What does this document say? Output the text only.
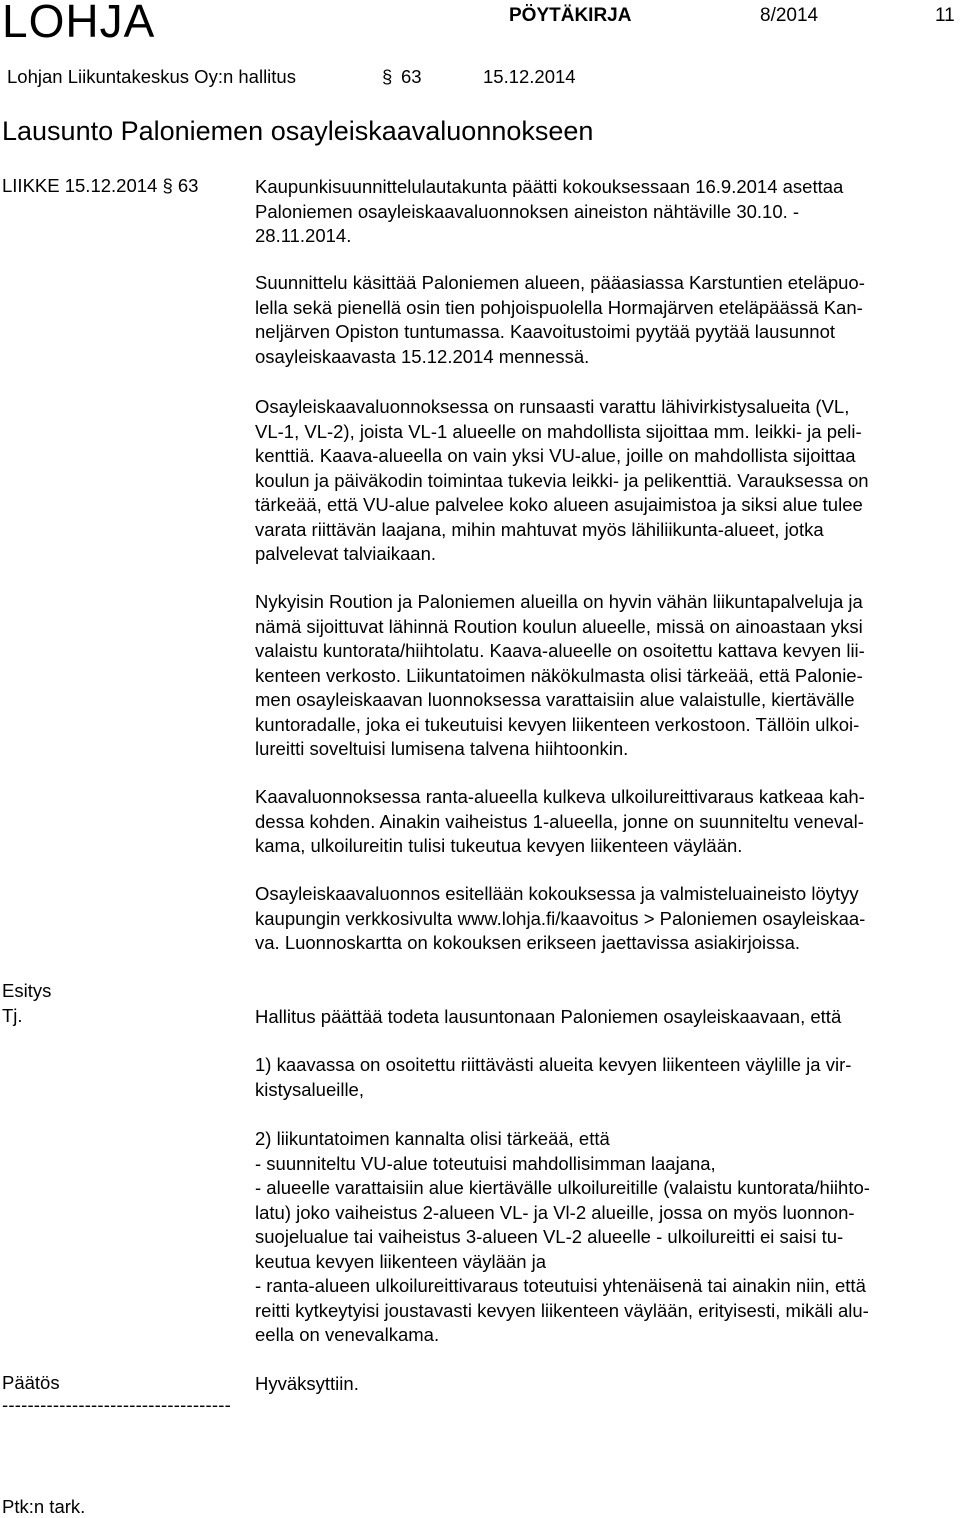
LOHJA	PÖYTÄKIRJA	8/2014	11
Lohjan Liikuntakeskus Oy:n hallitus	§ 63	15.12.2014
Lausunto Paloniemen osayleiskaavaluonnokseen
LIIKKE 15.12.2014 § 63	Kaupunkisuunnittelulautakunta päätti kokouksessaan 16.9.2014 asettaa
Paloniemen osayleiskaavaluonnoksen aineiston nähtäville 30.10. -
28.11.2014.
Suunnittelu käsittää Paloniemen alueen, pääasiassa Karstuntien eteläpuo-
lella sekä pienellä osin tien pohjoispuolella Hormajärven eteläpäässä Kan-
neljärven Opiston tuntumassa. Kaavoitustoimi pyytää pyytää lausunnot
osayleiskaavasta 15.12.2014 mennessä.
Osayleiskaavaluonnoksessa on runsaasti varattu lähivirkistysalueita (VL,
VL-1, VL-2), joista VL-1 alueelle on mahdollista sijoittaa mm. leikki- ja peli-
kenttiä. Kaava-alueella on vain yksi VU-alue, joille on mahdollista sijoittaa
koulun ja päiväkodin toimintaa tukevia leikki- ja pelikenttiä. Varauksessa on
tärkeää, että VU-alue palvelee koko alueen asujaimistoa ja siksi alue tulee
varata riittävän laajana, mihin mahtuvat myös lähiliikunta-alueet, jotka
palvelevat talviaikaan.
Nykyisin Roution ja Paloniemen alueilla on hyvin vähän liikuntapalveluja ja
nämä sijoittuvat lähinnä Roution koulun alueelle, missä on ainoastaan yksi
valaistu kuntorata/hiihtolatu. Kaava-alueelle on osoitettu kattava kevyen lii-
kenteen verkosto. Liikuntatoimen näkökulmasta olisi tärkeää, että Palonie-
men osayleiskaavan luonnoksessa varattaisiin alue valaistulle, kiertävälle
kuntoradalle, joka ei tukeutuisi kevyen liikenteen verkostoon. Tällöin ulkoi-
lureitti soveltuisi lumisena talvena hiihtoonkin.
Kaavaluonnoksessa ranta-alueella kulkeva ulkoilureittivaraus katkeaa kah-
dessa kohden. Ainakin vaiheistus 1-alueella, jonne on suunniteltu veneval-
kama, ulkoilureitin tulisi tukeutua kevyen liikenteen väylään.
Osayleiskaavaluonnos esitellään kokouksessa ja valmisteluaineisto löytyy
kaupungin verkkosivulta www.lohja.fi/kaavoitus > Paloniemen osayleiskaa-
va. Luonnoskartta on kokouksen erikseen jaettavissa asiakirjoissa.
Esitys
Tj.	Hallitus päättää todeta lausuntonaan Paloniemen osayleiskaavaan, että
1) kaavassa on osoitettu riittävästi alueita kevyen liikenteen väylille ja vir-
kistysalueille,
2) liikuntatoimen kannalta olisi tärkeää, että
- suunniteltu VU-alue toteutuisi mahdollisimman laajana,
- alueelle varattaisiin alue kiertävälle ulkoilureitille (valaistu kuntorata/hiihto-
latu) joko vaiheistus 2-alueen VL- ja Vl-2 alueille, jossa on myös luonnon-
suojelualue tai vaiheistus 3-alueen VL-2 alueelle - ulkoilureitti ei saisi tu-
keutua kevyen liikenteen väylään ja
- ranta-alueen ulkoilureittivaraus toteutuisi yhtenäisenä tai ainakin niin, että
reitti kytkeytyisi joustavasti kevyen liikenteen väylään, erityisesti, mikäli alu-
eella on venevalkama.
Päätös	Hyväksyttiin.
------------------------------------
Ptk:n tark.
